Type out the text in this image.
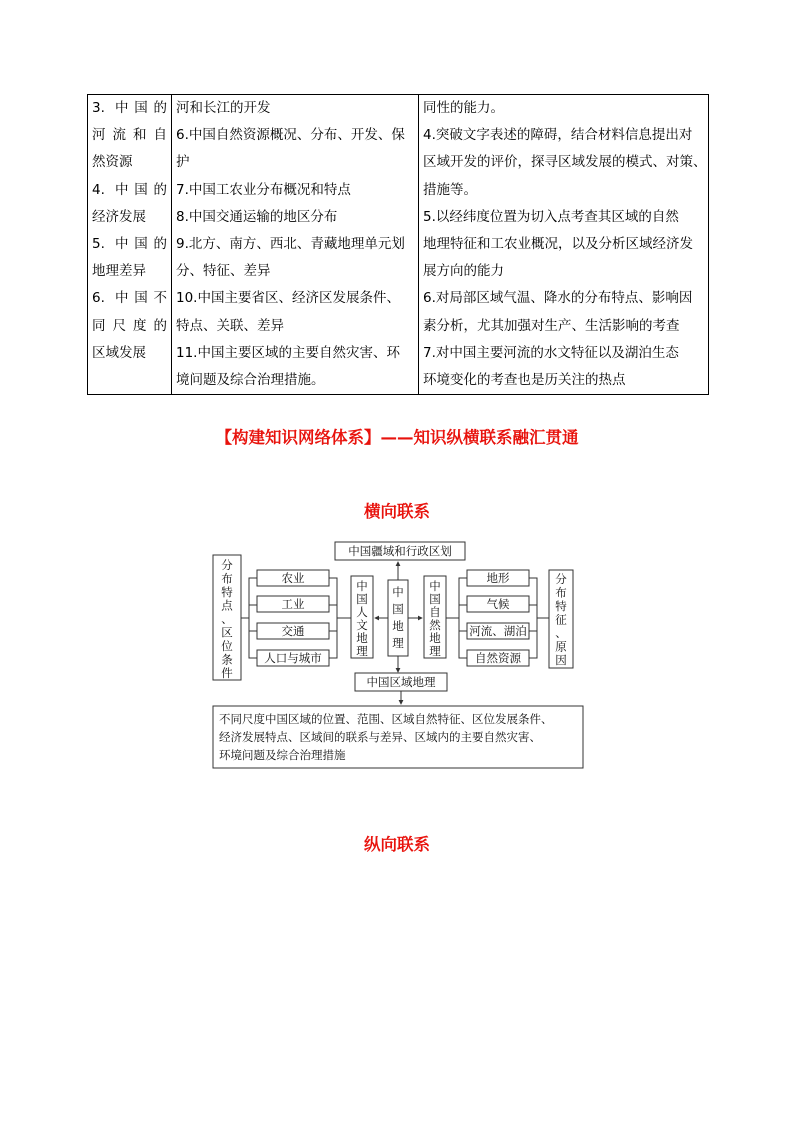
3. 中国的
河 流 和 自
然资源
4. 中国的
经济发展
5. 中国的
地理差异
6. 中国不
同 尺 度 的
区域发展

河和长江的开发
6.中国自然资源概况、分布、开发、保
护
7.中国工农业分布概况和特点
8.中国交通运输的地区分布
9.北方、南方、西北、青藏地理单元划
分、特征、差异
10.中国主要省区、经济区发展条件、
特点、关联、差异
11.中国主要区域的主要自然灾害、环
境问题及综合治理措施。

同性的能力。
4.突破文字表述的障碍，结合材料信息提出对
区域开发的评价，探寻区域发展的模式、对策、
措施等。
5.以经纬度位置为切入点考查其区域的自然
地理特征和工农业概况，以及分析区域经济发
展方向的能力
6.对局部区域气温、降水的分布特点、影响因
素分析，尤其加强对生产、生活影响的考查
7.对中国主要河流的水文特征以及湖泊生态
环境变化的考查也是历关注的热点
【构建知识网络体系】——知识纵横联系融汇贯通
横向联系
纵向联系
中国疆域和行政区划
分
布
特
点
、
区
位
条
件
农业
工业
交通
人口与城市
中
国
人
文
地
理
中
国
地
理
中
国
自
然
地
理
地形
气候
河流、湖泊
自然资源
分
布
特
征
、
原
因
中国区域地理
不同尺度中国区域的位置、范围、区域自然特征、区位发展条件、
经济发展特点、区域间的联系与差异、区域内的主要自然灾害、
环境问题及综合治理措施
